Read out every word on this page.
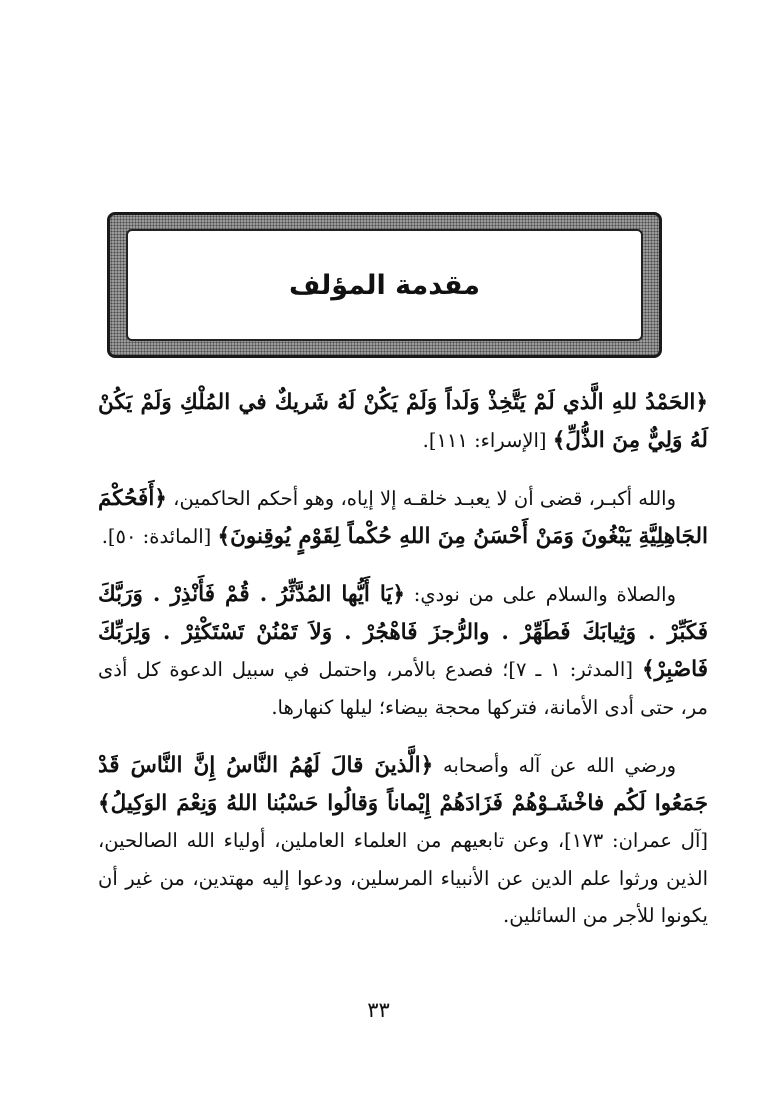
مقدمة المؤلف

﴿الحَمْدُ للهِ الَّذي لَمْ يَتَّخِذْ وَلَداً وَلَمْ يَكُنْ لَهُ شَريكٌ في المُلْكِ وَلَمْ يَكُنْ لَهُ وَلِيٌّ مِنَ الذُّلِّ﴾ [الإسراء: ١١١].

والله أكبـر، قضى أن لا يعبـد خلقـه إلا إياه، وهو أحكم الحاكمين، ﴿أَفَحُكْمَ الجَاهِلِيَّةِ يَبْغُونَ وَمَنْ أَحْسَنُ مِنَ اللهِ حُكْماً لِقَوْمٍ يُوقِنونَ﴾ [المائدة: ٥٠].

والصلاة والسلام على من نودي: ﴿يَا أَيُّها المُدَّثِّرُ . قُمْ فَأَنْذِرْ . وَرَبَّكَ فَكَبِّرْ . وَثِيابَكَ فَطَهِّرْ . والرُّجزَ فَاهْجُرْ . وَلاَ تَمْنُنْ تَسْتَكْثِرْ . وَلِرَبِّكَ فَاصْبِرْ﴾ [المدثر: ١ ـ ٧]؛ فصدع بالأمر، واحتمل في سبيل الدعوة كل أذى مر، حتى أدى الأمانة، فتركها محجة بيضاء؛ ليلها كنهارها.

ورضي الله عن آله وأصحابه ﴿الَّذينَ قالَ لَهُمُ النَّاسُ إِنَّ النَّاسَ قَدْ جَمَعُوا لَكُم فاخْشَـوْهُمْ فَزَادَهُمْ إِيْماناً وَقالُوا حَسْبُنا اللهُ وَنِعْمَ الوَكِيلُ﴾ [آل عمران: ١٧٣]، وعن تابعيهم من العلماء العاملين، أولياء الله الصالحين، الذين ورثوا علم الدين عن الأنبياء المرسلين، ودعوا إليه مهتدين، من غير أن يكونوا للأجر من السائلين.

٣٣
